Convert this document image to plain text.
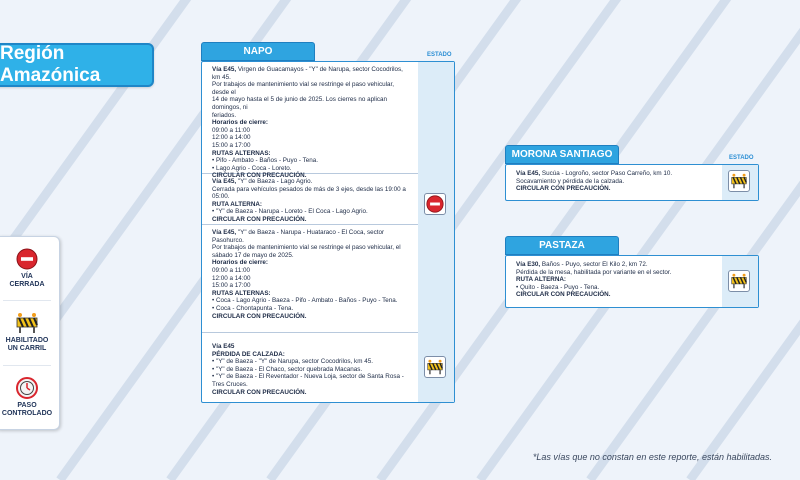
Región Amazónica
VÍA
CERRADA
HABILITADO
UN CARRIL
PASO
CONTROLADO
NAPO	ESTADO
Vía E45, Virgen de Guacamayos - "Y" de Narupa, sector Cocodrilos, km 45.
Por trabajos de mantenimiento vial se restringe el paso vehicular, desde el
14 de mayo hasta el 5 de junio de 2025. Los cierres no aplican domingos, ni
feriados.
Horarios de cierre:
09:00 a 11:00
12:00 a 14:00
15:00 a 17:00
RUTAS ALTERNAS:
• Pifo - Ambato - Baños - Puyo - Tena.
• Lago Agrio - Coca - Loreto.
CIRCULAR CON PRECAUCIÓN.
Vía E45, "Y" de Baeza - Lago Agrio.
Cerrada para vehículos pesados de más de 3 ejes, desde las 19:00 a 05:00.
RUTA ALTERNA:
• "Y" de Baeza - Narupa - Loreto - El Coca - Lago Agrio.
CIRCULAR CON PRECAUCIÓN.
Vía E45, "Y" de Baeza - Narupa - Huataraco - El Coca, sector Pasohurco.
Por trabajos de mantenimiento vial se restringe el paso vehicular, el
sábado 17 de mayo de 2025.
Horarios de cierre:
09:00 a 11:00
12:00 a 14:00
15:00 a 17:00
RUTAS ALTERNAS:
• Coca - Lago Agrio - Baeza - Pifo - Ambato - Baños - Puyo - Tena.
• Coca - Chontapunta - Tena.
CIRCULAR CON PRECAUCIÓN.
Vía E45
PÉRDIDA DE CALZADA:
• "Y" de Baeza - "Y" de Narupa, sector Cocodrilos, km 45.
• "Y" de Baeza - El Chaco, sector quebrada Macanas.
• "Y" de Baeza - El Reventador - Nueva Loja, sector de Santa Rosa - Tres Cruces.
CIRCULAR CON PRECAUCIÓN.
MORONA SANTIAGO	ESTADO
Vía E45, Sucúa - Logroño, sector Paso Carreño, km 10.
Socavamiento y pérdida de la calzada.
CIRCULAR CON PRECAUCIÓN.
PASTAZA
Vía E30, Baños - Puyo, sector El Kilo 2, km 72.
Pérdida de la mesa, habilitada por variante en el sector.
RUTA ALTERNA:
• Quito - Baeza - Puyo - Tena.
CIRCULAR CON PRECAUCIÓN.
*Las vías que no constan en este reporte, están habilitadas.
